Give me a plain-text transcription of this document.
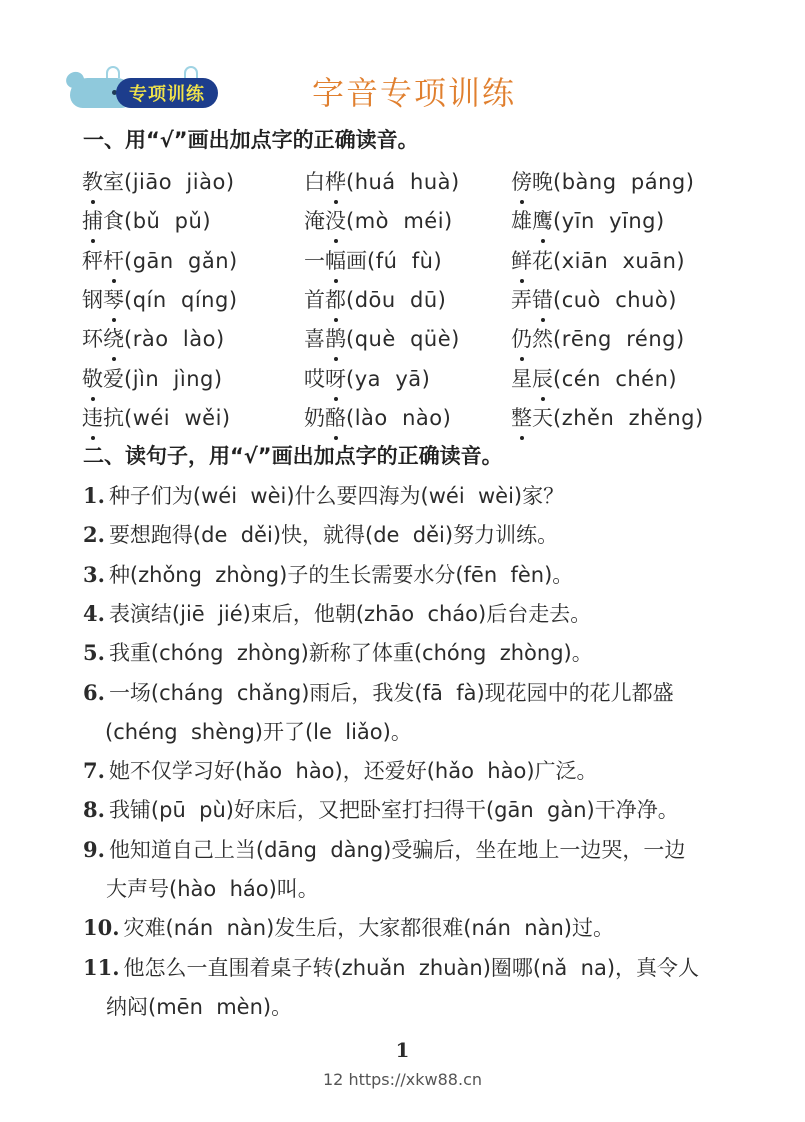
专项训练	字音专项训练
一、用“√”画出加点字的正确读音。
教室(jiāo  jiào)
捕食(bǔ  pǔ)
秤杆(gān  gǎn)
钢琴(qín  qíng)
环绕(rào  lào)
敬爱(jìn  jìng)
违抗(wéi  wěi)
白桦(huá  huà)
淹没(mò  méi)
一幅画(fú  fù)
首都(dōu  dū)
喜鹊(què  qüè)
哎呀(ya  yā)
奶酪(lào  nào)
傍晚(bàng  páng)
雄鹰(yīn  yīng)
鲜花(xiān  xuān)
弄错(cuò  chuò)
仍然(rēng  réng)
星辰(cén  chén)
整天(zhěn  zhěng)
二、读句子，用“√”画出加点字的正确读音。
1. 种子们为(wéi  wèi)什么要四海为(wéi  wèi)家？
2. 要想跑得(de  děi)快，就得(de  děi)努力训练。
3. 种(zhǒng  zhòng)子的生长需要水分(fēn  fèn)。
4. 表演结(jiē  jié)束后，他朝(zhāo  cháo)后台走去。
5. 我重(chóng  zhòng)新称了体重(chóng  zhòng)。
6. 一场(cháng  chǎng)雨后，我发(fā  fà)现花园中的花儿都盛
(chéng  shèng)开了(le  liǎo)。
7. 她不仅学习好(hǎo  hào)，还爱好(hǎo  hào)广泛。
8. 我铺(pū  pù)好床后，又把卧室打扫得干(gān  gàn)干净净。
9. 他知道自己上当(dāng  dàng)受骗后，坐在地上一边哭，一边
大声号(hào  háo)叫。
10. 灾难(nán  nàn)发生后，大家都很难(nán  nàn)过。
11. 他怎么一直围着桌子转(zhuǎn  zhuàn)圈哪(nǎ  na)，真令人
纳闷(mēn  mèn)。
1
12 https://xkw88.cn
